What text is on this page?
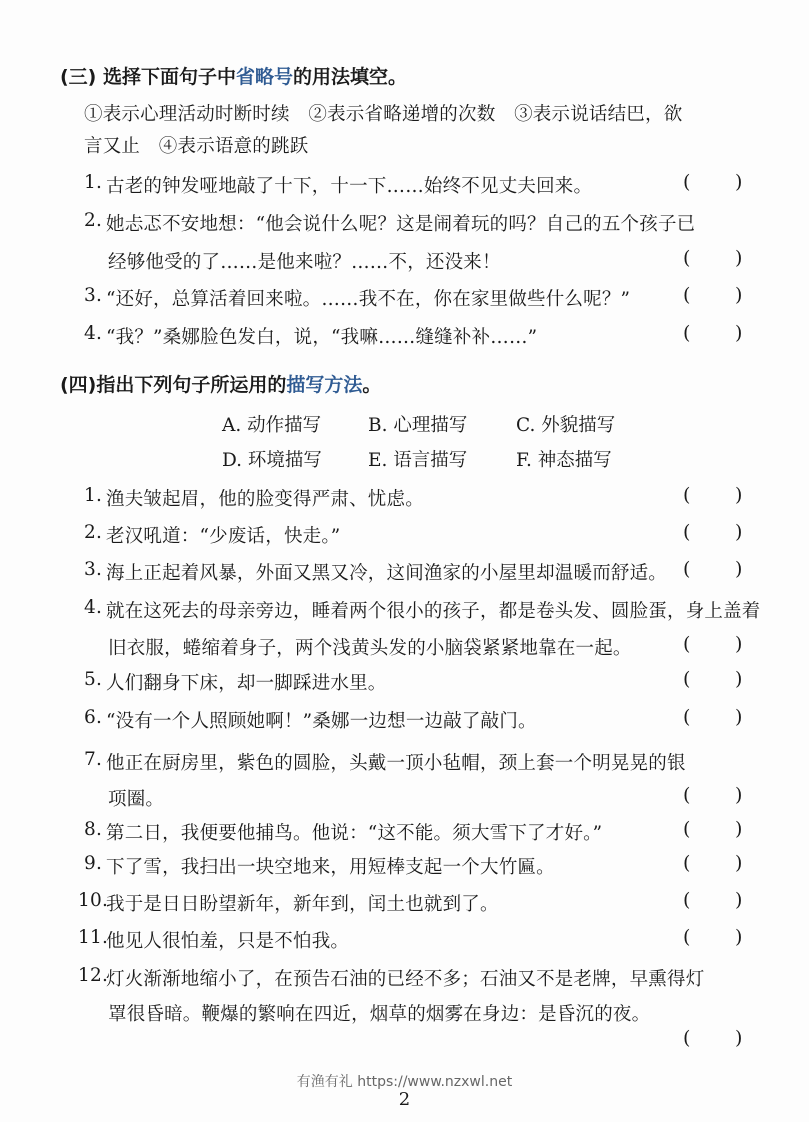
(三) 选择下面句子中省略号的用法填空。
①表示心理活动时断时续　②表示省略递增的次数　③表示说话结巴，欲
言又止　④表示语意的跳跃
1. 古老的钟发哑地敲了十下，十一下……始终不见丈夫回来。	( )
2. 她忐忑不安地想：“他会说什么呢？这是闹着玩的吗？自己的五个孩子已
经够他受的了……是他来啦？……不，还没来！	( )
3. “还好，总算活着回来啦。……我不在，你在家里做些什么呢？”	( )
4. “我？”桑娜脸色发白，说，“我嘛……缝缝补补……”	( )
(四)指出下列句子所运用的描写方法。
A. 动作描写	B. 心理描写	C. 外貌描写
D. 环境描写 E. 语言描写	F. 神态描写
1. 渔夫皱起眉，他的脸变得严肃、忧虑。	( )
2. 老汉吼道：“少废话，快走。”	( )
3. 海上正起着风暴，外面又黑又冷，这间渔家的小屋里却温暖而舒适。 ( )
4. 就在这死去的母亲旁边，睡着两个很小的孩子，都是卷头发、圆脸蛋，身上盖着
旧衣服，蜷缩着身子，两个浅黄头发的小脑袋紧紧地靠在一起。	( )
5. 人们翻身下床，却一脚踩进水里。	( )
6. “没有一个人照顾她啊！”桑娜一边想一边敲了敲门。	( )
7. 他正在厨房里，紫色的圆脸，头戴一顶小毡帽，颈上套一个明晃晃的银
项圈。	( )
8. 第二日，我便要他捕鸟。他说：“这不能。须大雪下了才好。”	( )
9. 下了雪，我扫出一块空地来，用短棒支起一个大竹匾。	( )
10.
我于是日日盼望新年，新年到，闰土也就到了。	( )
11.
他见人很怕羞，只是不怕我。	( )
12.
灯火渐渐地缩小了，在预告石油的已经不多；石油又不是老牌，早熏得灯
罩很昏暗。鞭爆的繁响在四近，烟草的烟雾在身边：是昏沉的夜。
( )
有渔有礼 https://www.nzxwl.net
2
